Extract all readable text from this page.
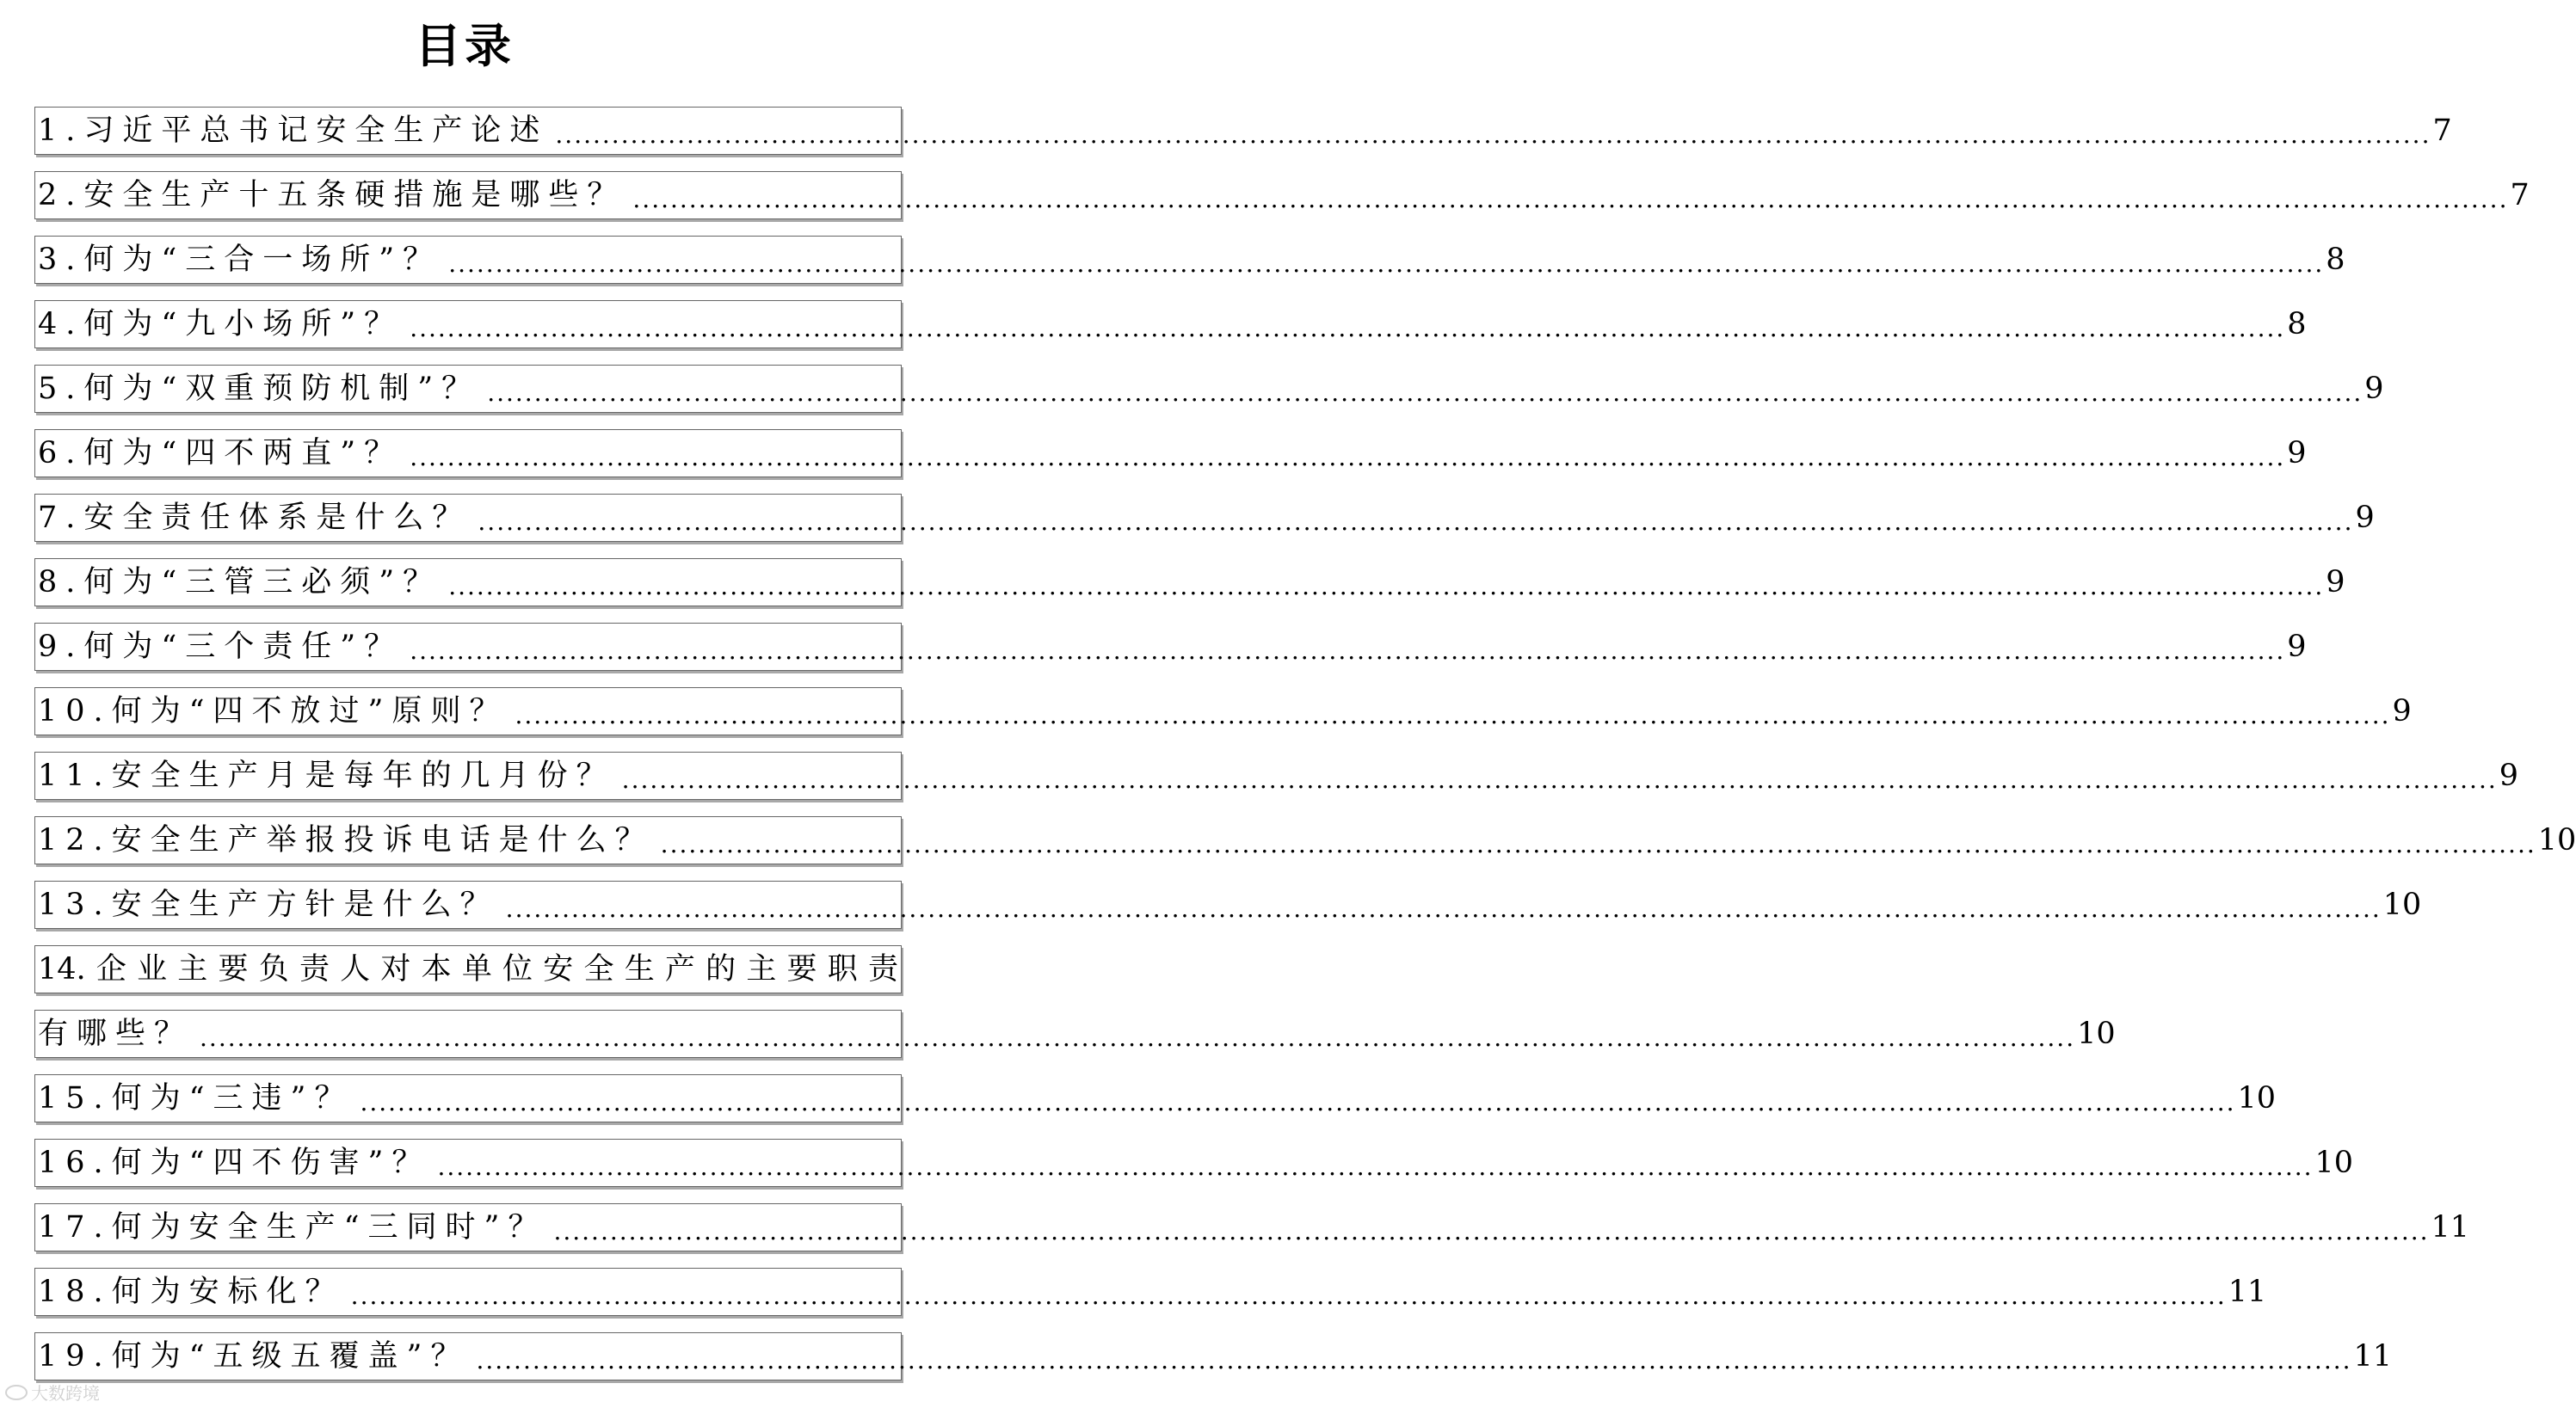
目录
1.习近平总书记安全生产论述 ........................................................................................................................................................................................................ 7
2.安全生产十五条硬措施是哪些？ ........................................................................................................................................................................................................ 7
3.何为“三合一场所”？ ........................................................................................................................................................................................................ 8
4.何为“九小场所”？ ........................................................................................................................................................................................................ 8
5.何为“双重预防机制”？ ........................................................................................................................................................................................................ 9
6.何为“四不两直”？ ........................................................................................................................................................................................................ 9
7.安全责任体系是什么？ ........................................................................................................................................................................................................ 9
8.何为“三管三必须”？ ........................................................................................................................................................................................................ 9
9.何为“三个责任”？ ........................................................................................................................................................................................................ 9
10.何为“四不放过”原则？ ........................................................................................................................................................................................................ 9
11.安全生产月是每年的几月份？ ........................................................................................................................................................................................................ 9
12.安全生产举报投诉电话是什么？ ........................................................................................................................................................................................................ 10
13.安全生产方针是什么？ ........................................................................................................................................................................................................ 10
14.企业主要负责人对本单位安全生产的主要职责
有哪些？ ........................................................................................................................................................................................................ 10
15.何为“三违”？ ........................................................................................................................................................................................................ 10
16.何为“四不伤害”？ ........................................................................................................................................................................................................ 10
17.何为安全生产“三同时”？ ........................................................................................................................................................................................................ 11
18.何为安标化？ ........................................................................................................................................................................................................ 11
19.何为“五级五覆盖”？ ........................................................................................................................................................................................................ 11
大数跨境
